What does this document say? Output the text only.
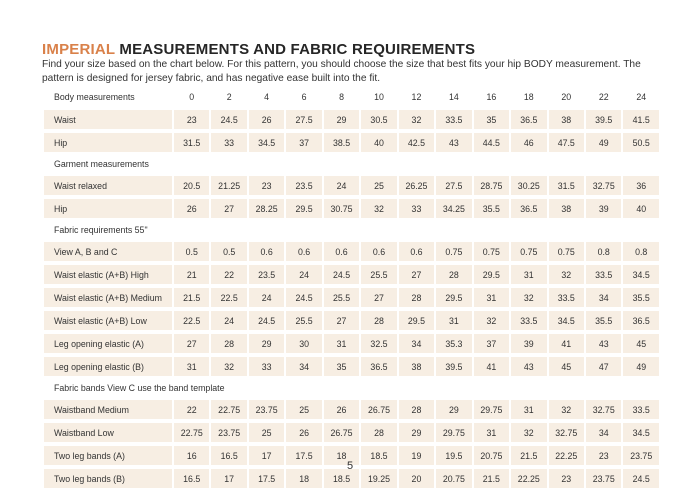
IMPERIAL MEASUREMENTS AND FABRIC REQUIREMENTS

Find your size based on the chart below. For this pattern, you should choose the size that best fits your hip BODY measurement. The pattern is designed for jersey fabric, and has negative ease built into the fit.

Body measurements	0	2	4	6	8	10	12	14	16	18	20	22	24
Waist	23	24.5	26	27.5	29	30.5	32	33.5	35	36.5	38	39.5	41.5
Hip	31.5	33	34.5	37	38.5	40	42.5	43	44.5	46	47.5	49	50.5
Garment measurements													
Waist relaxed	20.5	21.25	23	23.5	24	25	26.25	27.5	28.75	30.25	31.5	32.75	36
Hip	26	27	28.25	29.5	30.75	32	33	34.25	35.5	36.5	38	39	40
Fabric requirements 55"													
View A, B and C	0.5	0.5	0.6	0.6	0.6	0.6	0.6	0.75	0.75	0.75	0.75	0.8	0.8
Waist elastic (A+B) High	21	22	23.5	24	24.5	25.5	27	28	29.5	31	32	33.5	34.5
Waist elastic (A+B) Medium	21.5	22.5	24	24.5	25.5	27	28	29.5	31	32	33.5	34	35.5
Waist elastic (A+B) Low	22.5	24	24.5	25.5	27	28	29.5	31	32	33.5	34.5	35.5	36.5
Leg opening elastic (A)	27	28	29	30	31	32.5	34	35.3	37	39	41	43	45
Leg opening elastic (B)	31	32	33	34	35	36.5	38	39.5	41	43	45	47	49
Fabric bands View C use the band template													
Waistband Medium	22	22.75	23.75	25	26	26.75	28	29	29.75	31	32	32.75	33.5
Waistband Low	22.75	23.75	25	26	26.75	28	29	29.75	31	32	32.75	34	34.5
Two leg bands (A)	16	16.5	17	17.5	18	18.5	19	19.5	20.75	21.5	22.25	23	23.75
Two leg bands (B)	16.5	17	17.5	18	18.5	19.25	20	20.75	21.5	22.25	23	23.75	24.5
5
